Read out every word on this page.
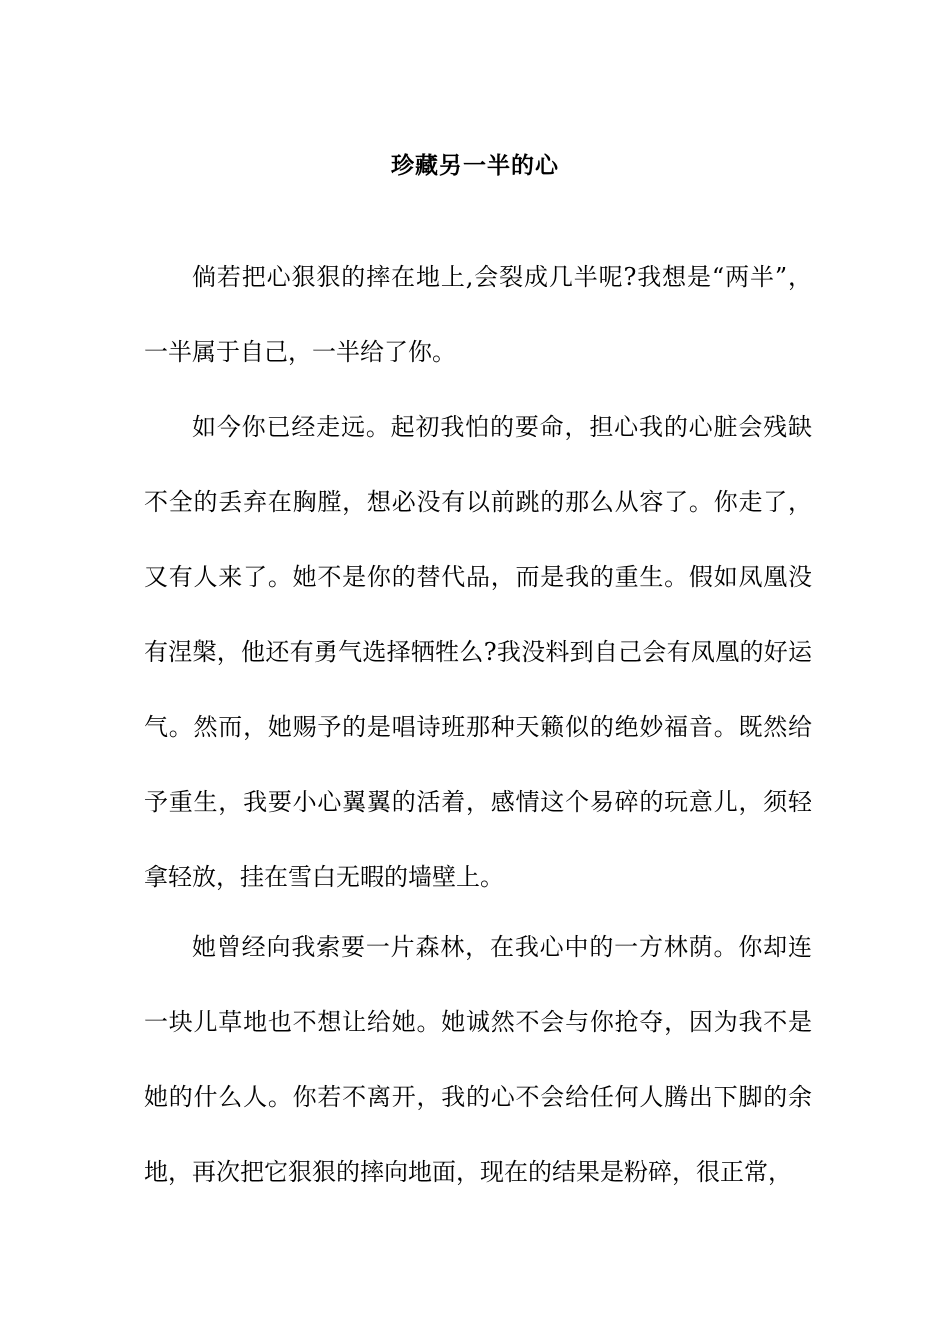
珍藏另一半的心

倘若把心狠狠的摔在地上,会裂成几半呢?我想是“两半”，一半属于自己，一半给了你。

如今你已经走远。起初我怕的要命，担心我的心脏会残缺不全的丢弃在胸膛，想必没有以前跳的那么从容了。你走了，又有人来了。她不是你的替代品，而是我的重生。假如凤凰没有涅槃，他还有勇气选择牺牲么?我没料到自己会有凤凰的好运气。然而，她赐予的是唱诗班那种天籁似的绝妙福音。既然给予重生，我要小心翼翼的活着，感情这个易碎的玩意儿，须轻拿轻放，挂在雪白无暇的墙壁上。

她曾经向我索要一片森林，在我心中的一方林荫。你却连一块儿草地也不想让给她。她诚然不会与你抢夺，因为我不是她的什么人。你若不离开，我的心不会给任何人腾出下脚的余地，再次把它狠狠的摔向地面，现在的结果是粉碎，很正常，
